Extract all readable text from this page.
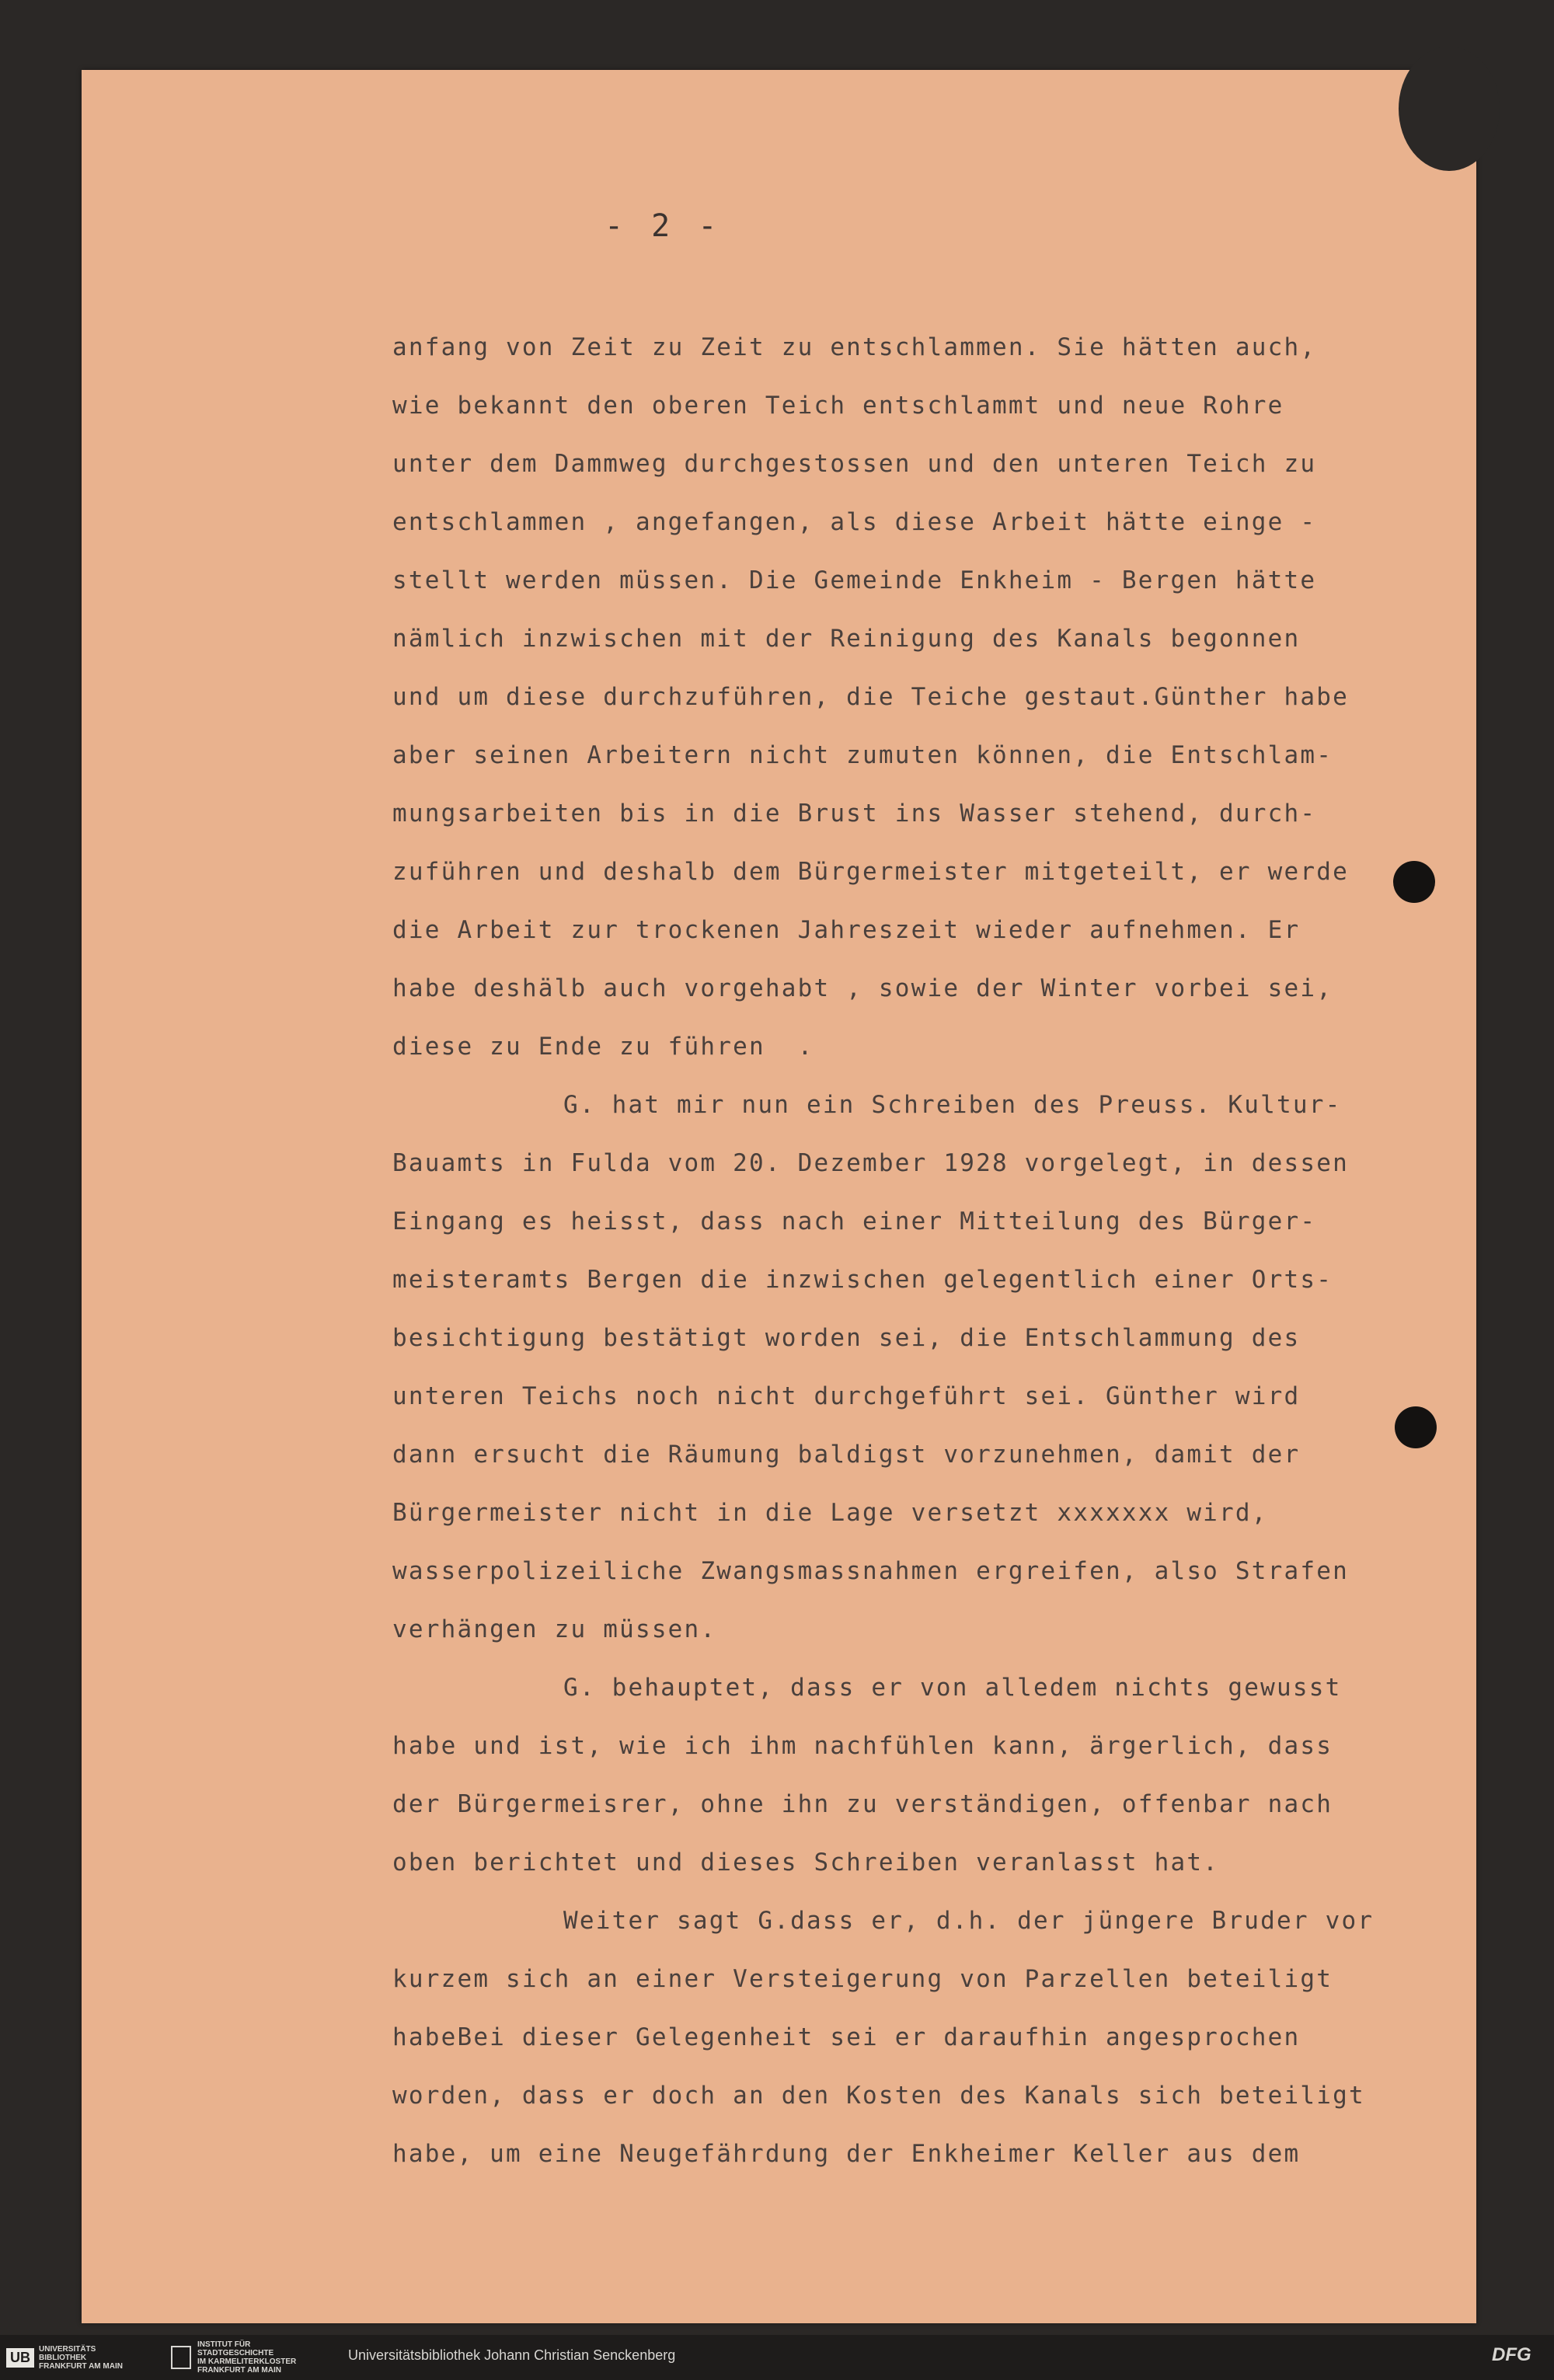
- 2 -
anfang von Zeit zu Zeit zu entschlammen. Sie hätten auch,
wie bekannt den oberen Teich entschlammt und neue Rohre
unter dem Dammweg durchgestossen und den unteren Teich zu
entschlammen , angefangen, als diese Arbeit hätte einge -
stellt werden müssen. Die Gemeinde Enkheim - Bergen hätte
nämlich inzwischen mit der Reinigung des Kanals begonnen
und um diese durchzuführen, die Teiche gestaut.Günther habe
aber seinen Arbeitern nicht zumuten können, die Entschlam-
mungsarbeiten bis in die Brust ins Wasser stehend, durch-
zuführen und deshalb dem Bürgermeister mitgeteilt, er werde
die Arbeit zur trockenen Jahreszeit wieder aufnehmen. Er
habe deshälb auch vorgehabt , sowie der Winter vorbei sei,
diese zu Ende zu führen  .
G. hat mir nun ein Schreiben des Preuss. Kultur-
Bauamts in Fulda vom 20. Dezember 1928 vorgelegt, in dessen
Eingang es heisst, dass nach einer Mitteilung des Bürger-
meisteramts Bergen die inzwischen gelegentlich einer Orts-
besichtigung bestätigt worden sei, die Entschlammung des
unteren Teichs noch nicht durchgeführt sei. Günther wird
dann ersucht die Räumung baldigst vorzunehmen, damit der
Bürgermeister nicht in die Lage versetzt xxxxxxx wird,
wasserpolizeiliche Zwangsmassnahmen ergreifen, also Strafen
verhängen zu müssen.
G. behauptet, dass er von alledem nichts gewusst
habe und ist, wie ich ihm nachfühlen kann, ärgerlich, dass
der Bürgermeisrer, ohne ihn zu verständigen, offenbar nach
oben berichtet und dieses Schreiben veranlasst hat.
Weiter sagt G.dass er, d.h. der jüngere Bruder vor
kurzem sich an einer Versteigerung von Parzellen beteiligt
habeBei dieser Gelegenheit sei er daraufhin angesprochen
worden, dass er doch an den Kosten des Kanals sich beteiligt
habe, um eine Neugefährdung der Enkheimer Keller aus dem
UB
UNIVERSITÄTS
BIBLIOTHEK
FRANKFURT AM MAIN
INSTITUT FÜR
STADTGESCHICHTE
IM KARMELITERKLOSTER
FRANKFURT AM MAIN
Universitätsbibliothek Johann Christian Senckenberg	DFG
